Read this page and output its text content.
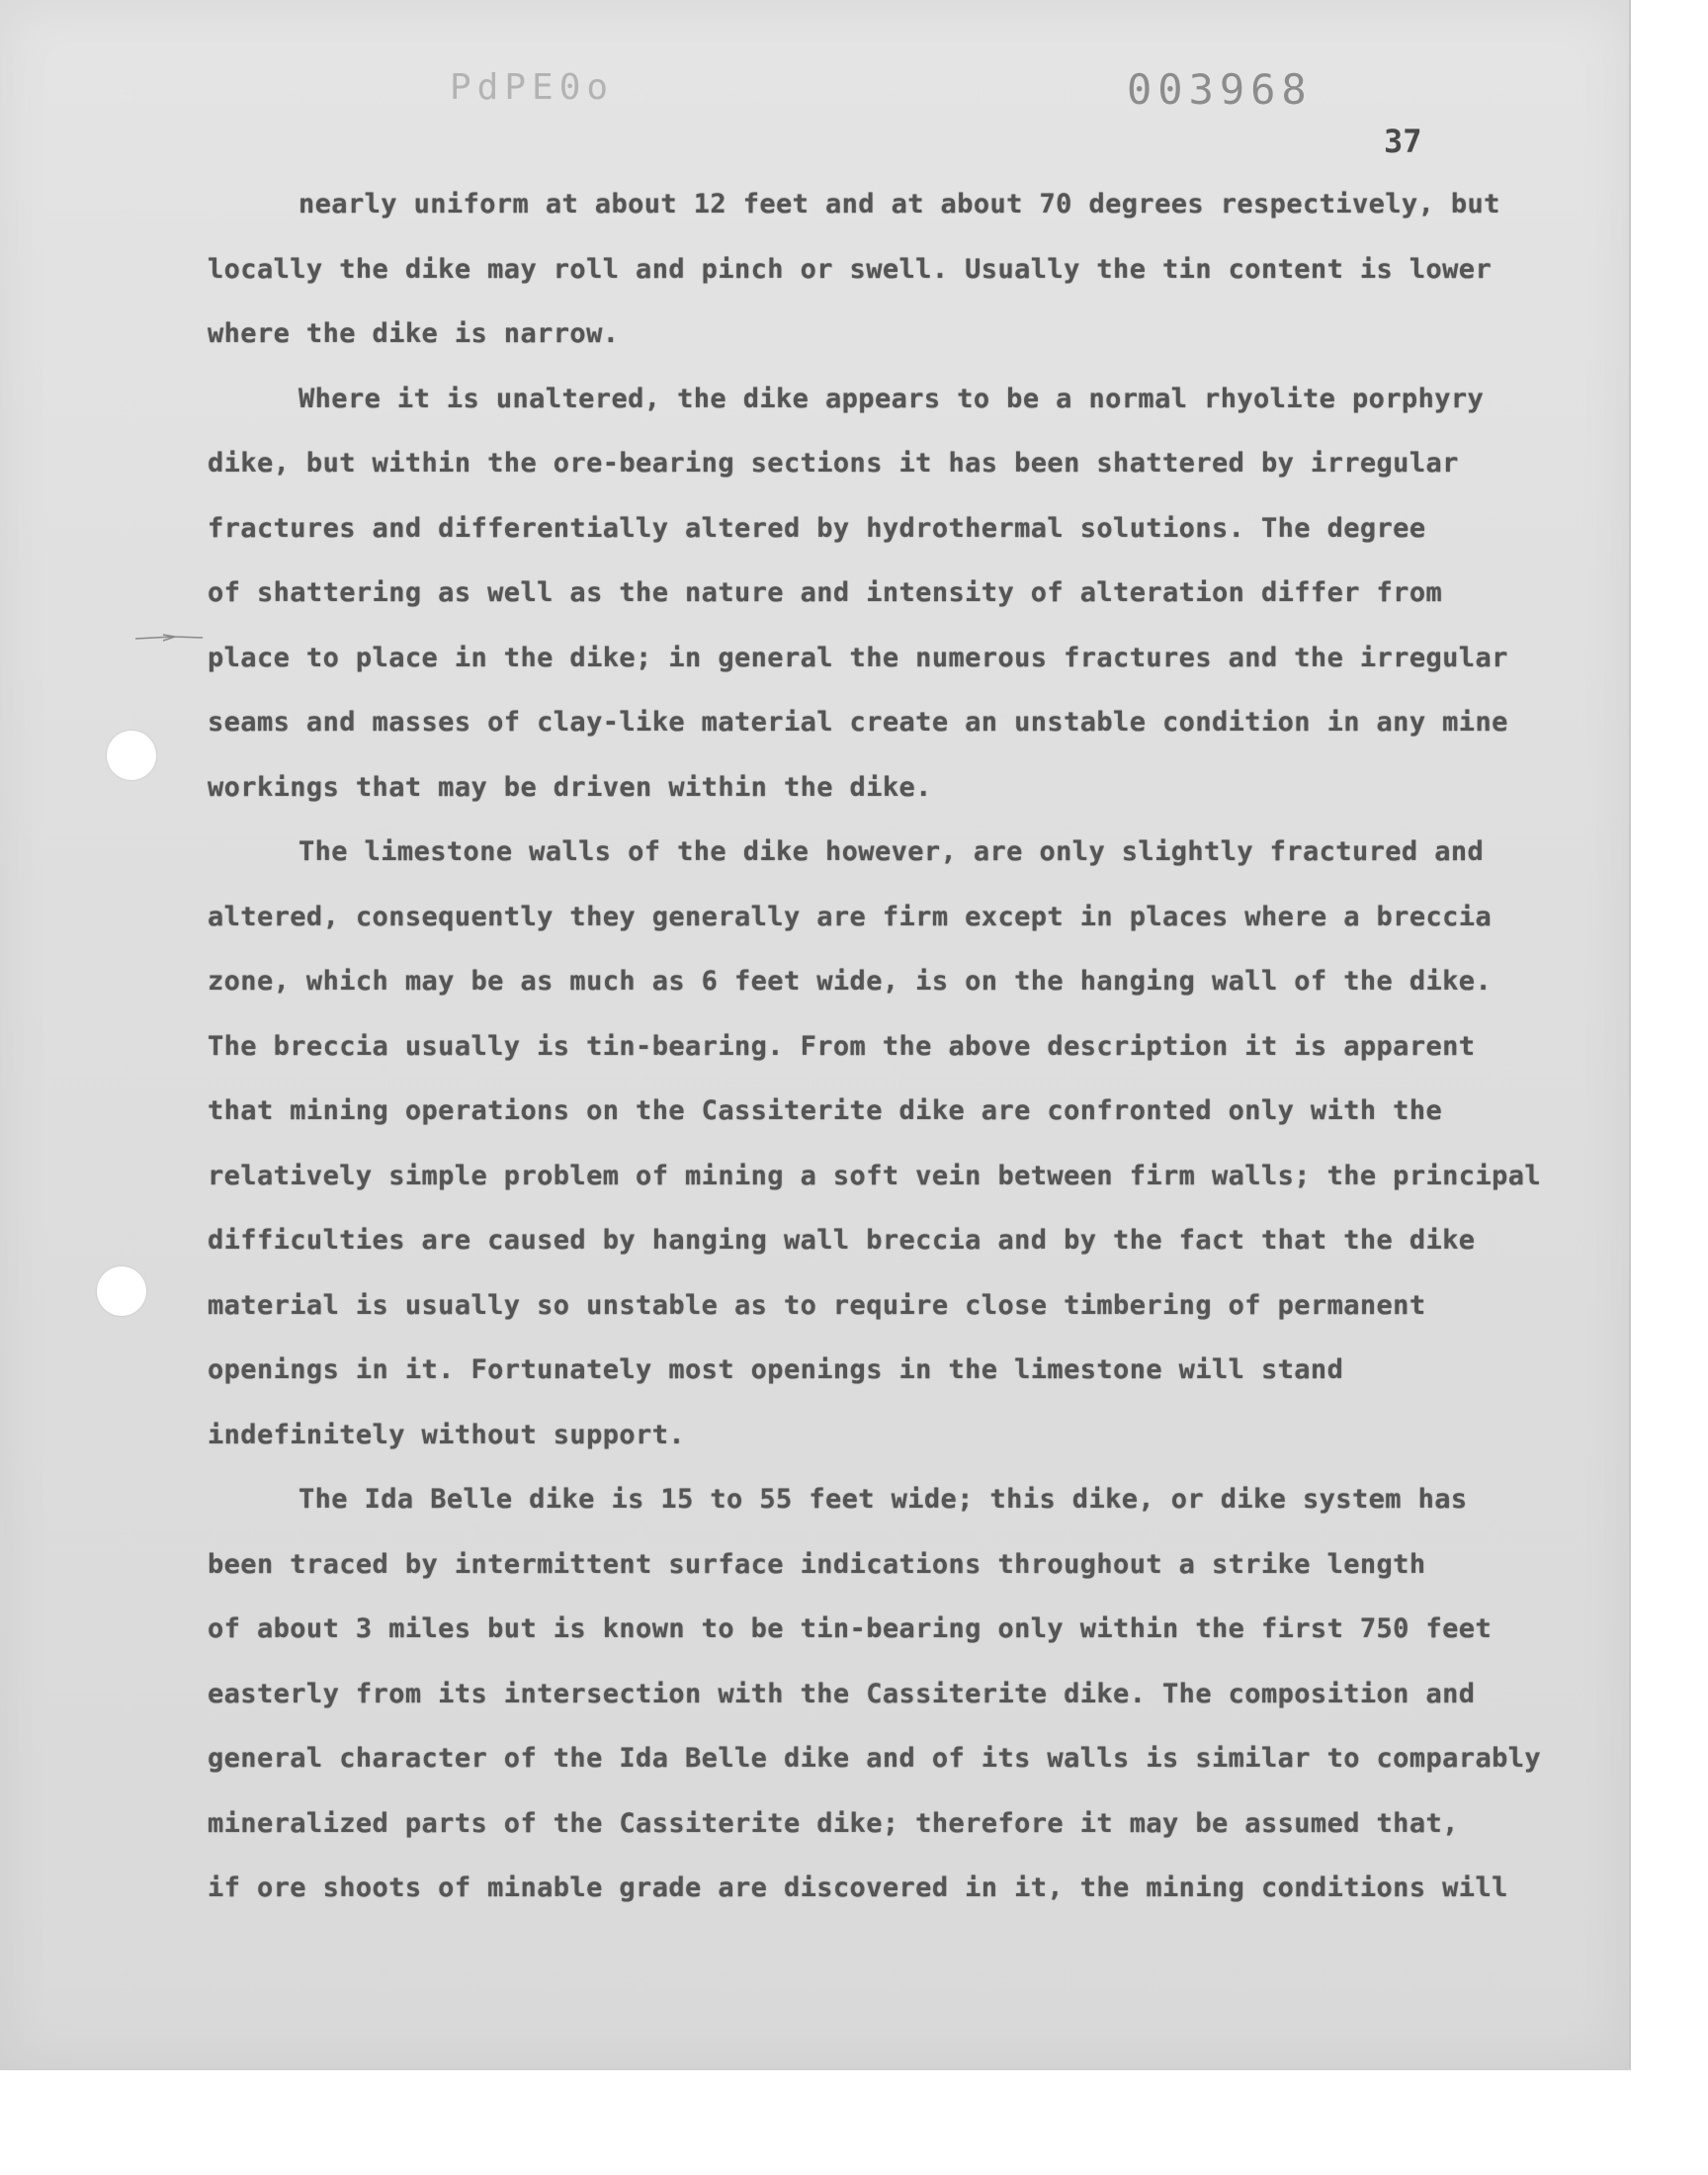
PdPE0o	003968
37
nearly uniform at about 12 feet and at about 70 degrees respectively, but
locally the dike may roll and pinch or swell. Usually the tin content is lower
where the dike is narrow.
Where it is unaltered, the dike appears to be a normal rhyolite porphyry
dike, but within the ore-bearing sections it has been shattered by irregular
fractures and differentially altered by hydrothermal solutions. The degree
of shattering as well as the nature and intensity of alteration differ from
place to place in the dike; in general the numerous fractures and the irregular
seams and masses of clay-like material create an unstable condition in any mine
workings that may be driven within the dike.
The limestone walls of the dike however, are only slightly fractured and
altered, consequently they generally are firm except in places where a breccia
zone, which may be as much as 6 feet wide, is on the hanging wall of the dike.
The breccia usually is tin-bearing. From the above description it is apparent
that mining operations on the Cassiterite dike are confronted only with the
relatively simple problem of mining a soft vein between firm walls; the principal
difficulties are caused by hanging wall breccia and by the fact that the dike
material is usually so unstable as to require close timbering of permanent
openings in it. Fortunately most openings in the limestone will stand
indefinitely without support.
The Ida Belle dike is 15 to 55 feet wide; this dike, or dike system has
been traced by intermittent surface indications throughout a strike length
of about 3 miles but is known to be tin-bearing only within the first 750 feet
easterly from its intersection with the Cassiterite dike. The composition and
general character of the Ida Belle dike and of its walls is similar to comparably
mineralized parts of the Cassiterite dike; therefore it may be assumed that,
if ore shoots of minable grade are discovered in it, the mining conditions will
